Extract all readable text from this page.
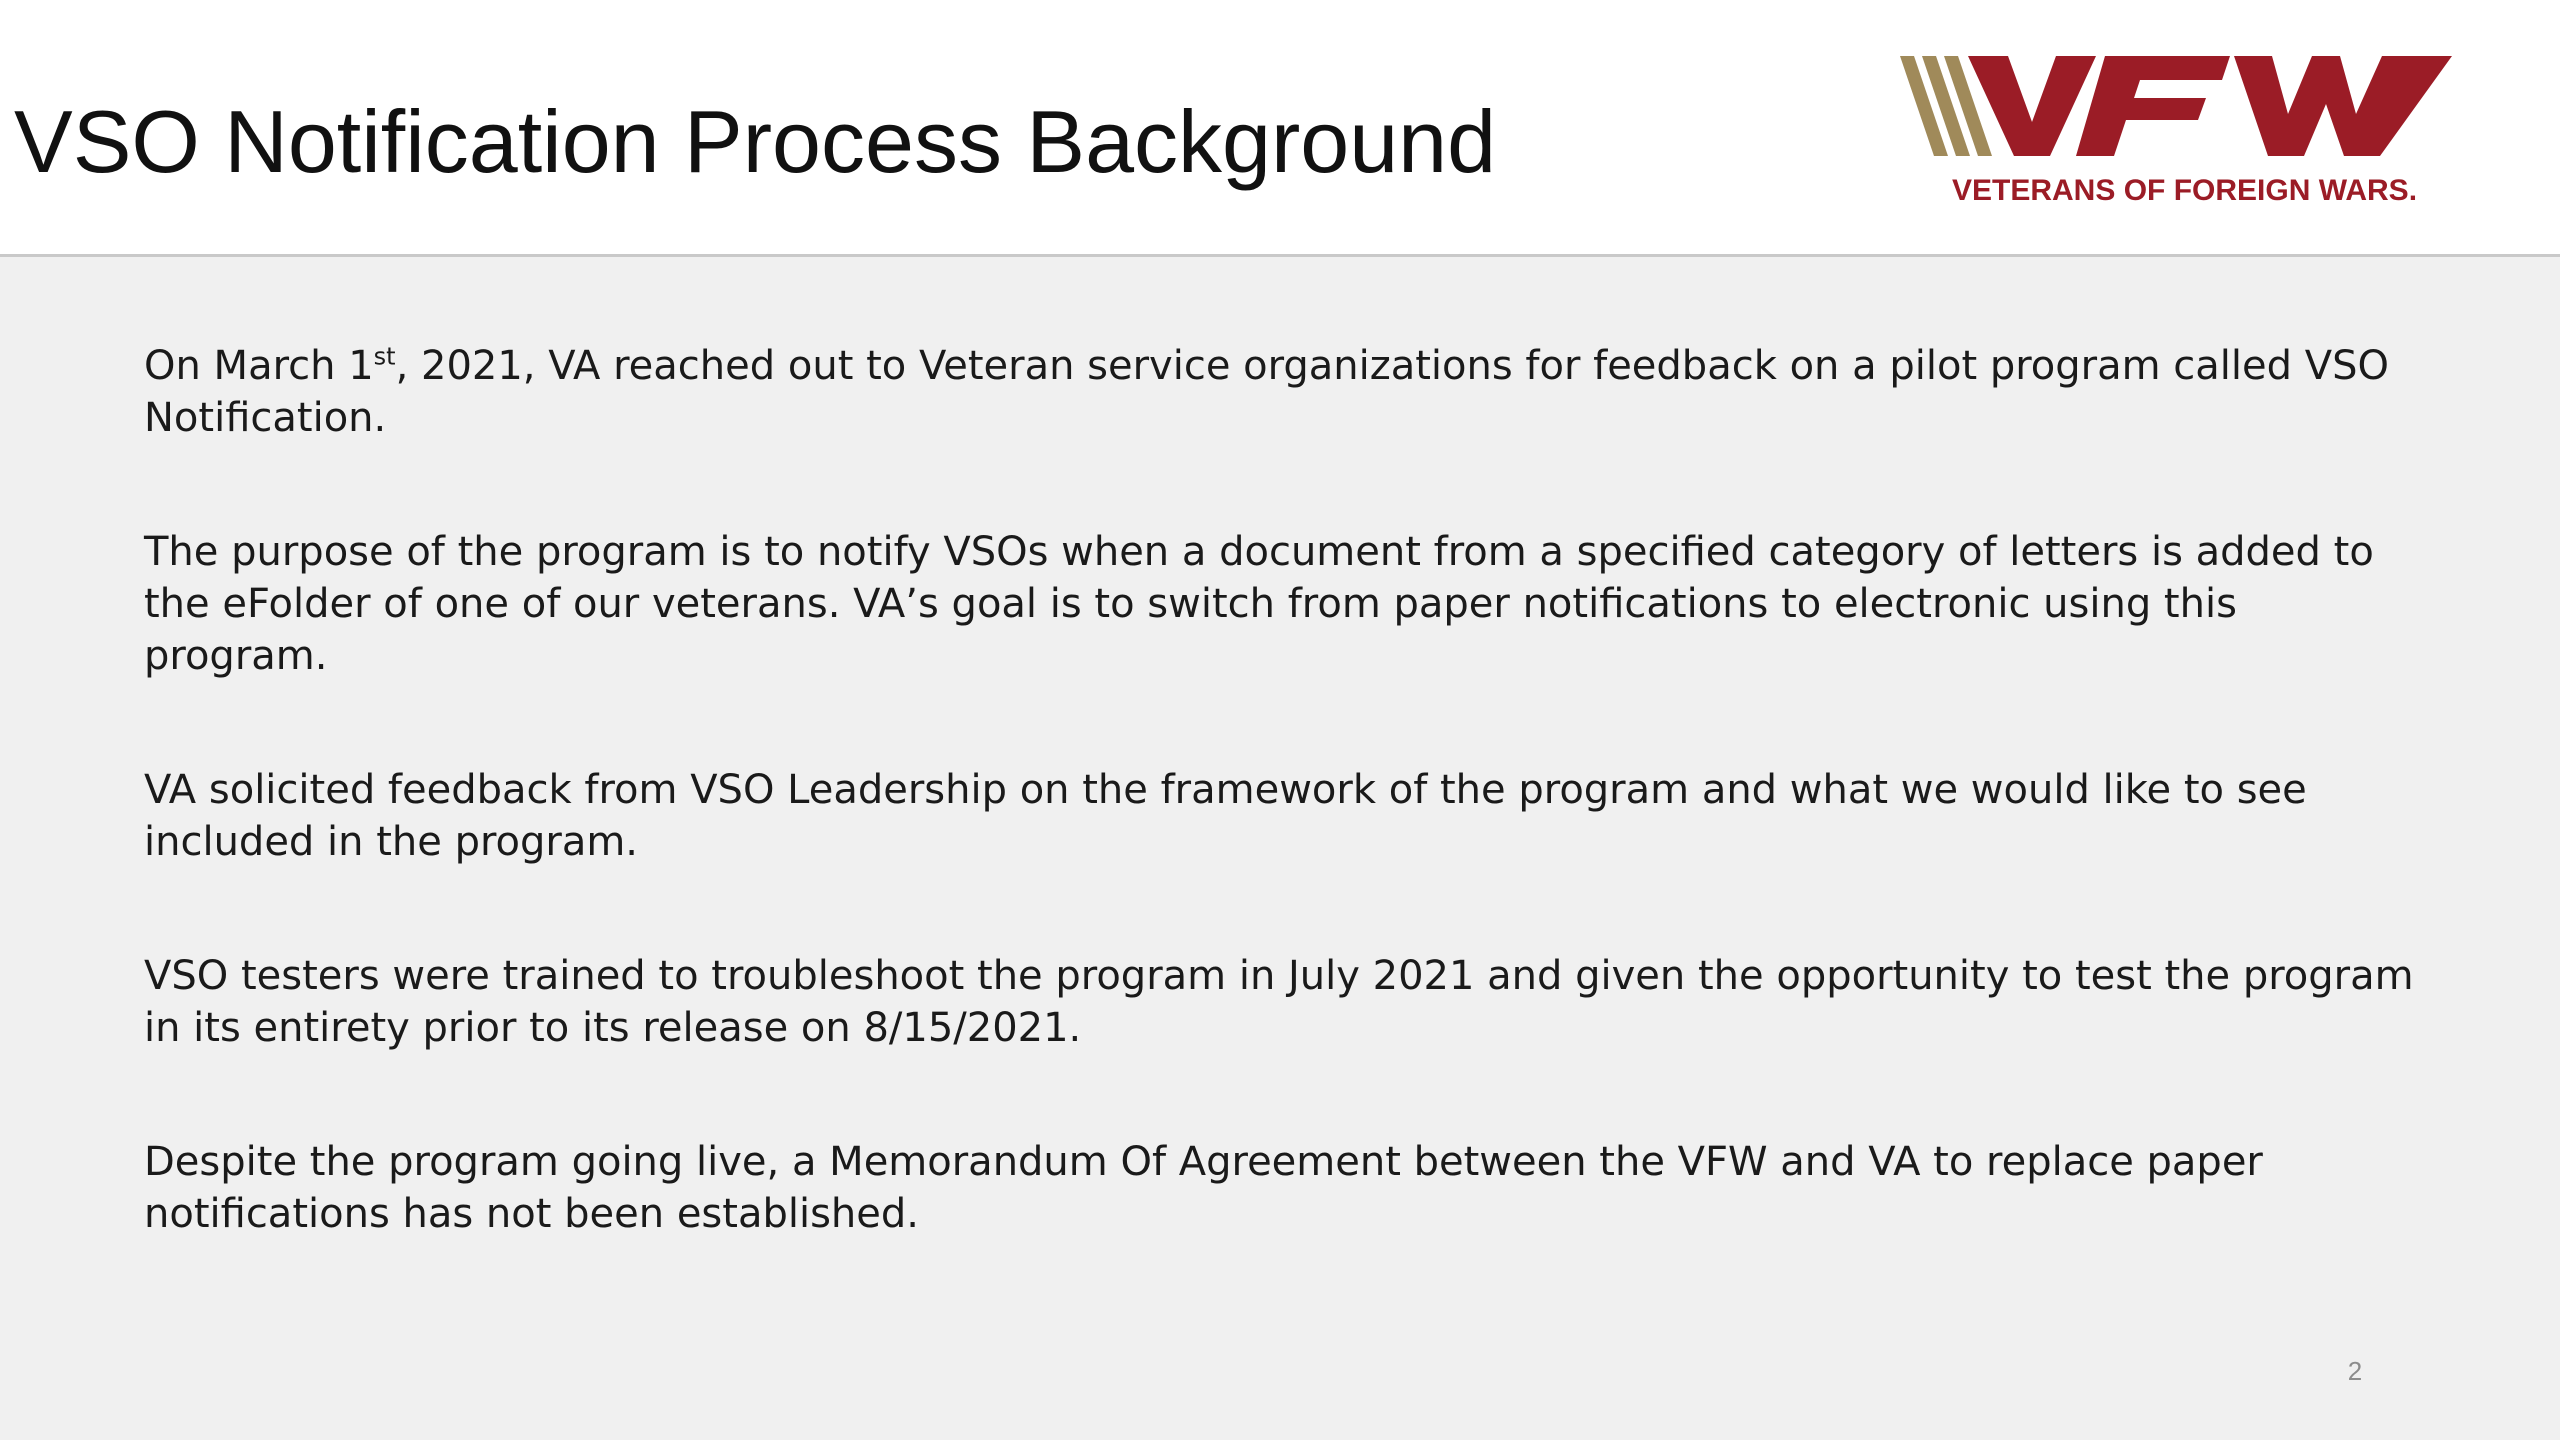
VSO Notification Process Background	VETERANS OF FOREIGN WARS.

On March 1st, 2021, VA reached out to Veteran service organizations for feedback on a pilot program called VSO Notification.

The purpose of the program is to notify VSOs when a document from a specified category of letters is added to the eFolder of one of our veterans. VA’s goal is to switch from paper notifications to electronic using this program.

VA solicited feedback from VSO Leadership on the framework of the program and what we would like to see included in the program.

VSO testers were trained to troubleshoot the program in July 2021 and given the opportunity to test the program in its entirety prior to its release on 8/15/2021.

Despite the program going live, a Memorandum Of Agreement between the VFW and VA to replace paper notifications has not been established.

2
